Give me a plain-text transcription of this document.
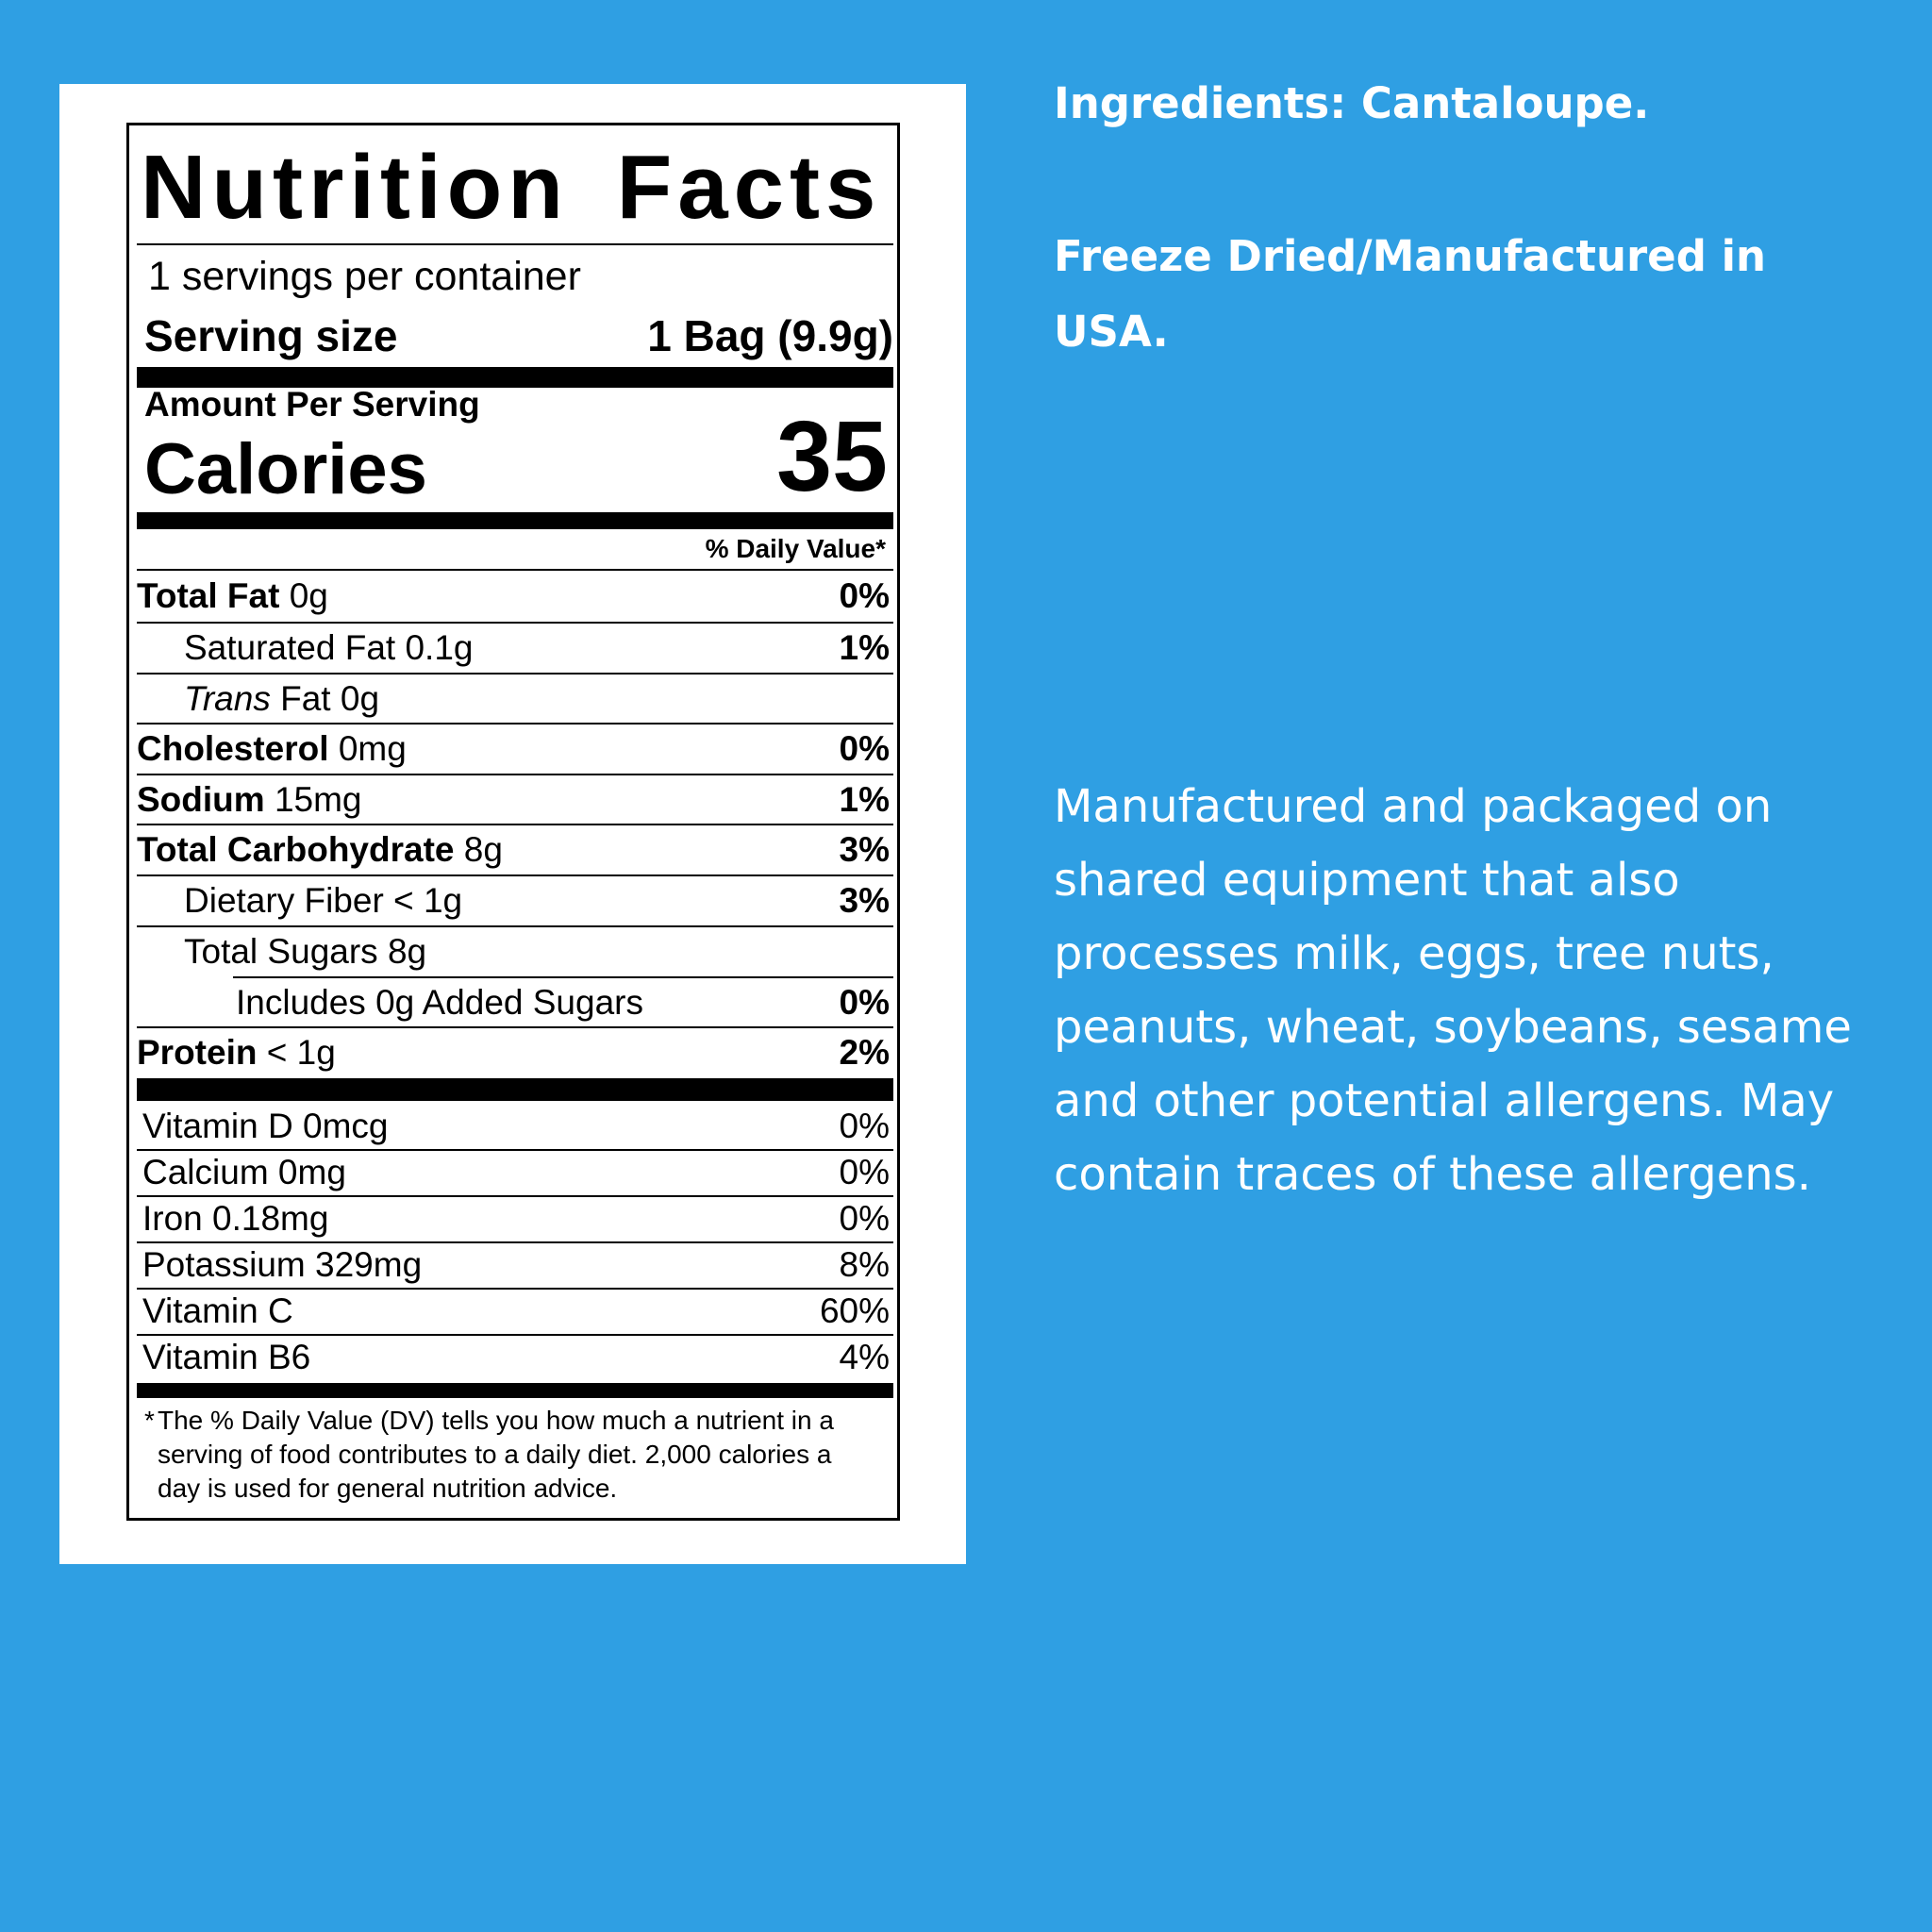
Nutrition Facts
1 servings per container
Serving size	1 Bag (9.9g)
Amount Per Serving
Calories	35
% Daily Value*
Total Fat 0g	0%
Saturated Fat 0.1g	1%
Trans Fat 0g
Cholesterol 0mg	0%
Sodium 15mg	1%
Total Carbohydrate 8g	3%
Dietary Fiber < 1g	3%
Total Sugars 8g
Includes 0g Added Sugars	0%
Protein < 1g	2%
Vitamin D 0mcg	0%
Calcium 0mg	0%
Iron 0.18mg	0%
Potassium 329mg	8%
Vitamin C	60%
Vitamin B6	4%
* The % Daily Value (DV) tells you how much a nutrient in a serving of food contributes to a daily diet. 2,000 calories a day is used for general nutrition advice.
Ingredients: Cantaloupe.
Freeze Dried/Manufactured in USA.
Manufactured and packaged on shared equipment that also processes milk, eggs, tree nuts, peanuts, wheat, soybeans, sesame and other potential allergens. May contain traces of these allergens.
